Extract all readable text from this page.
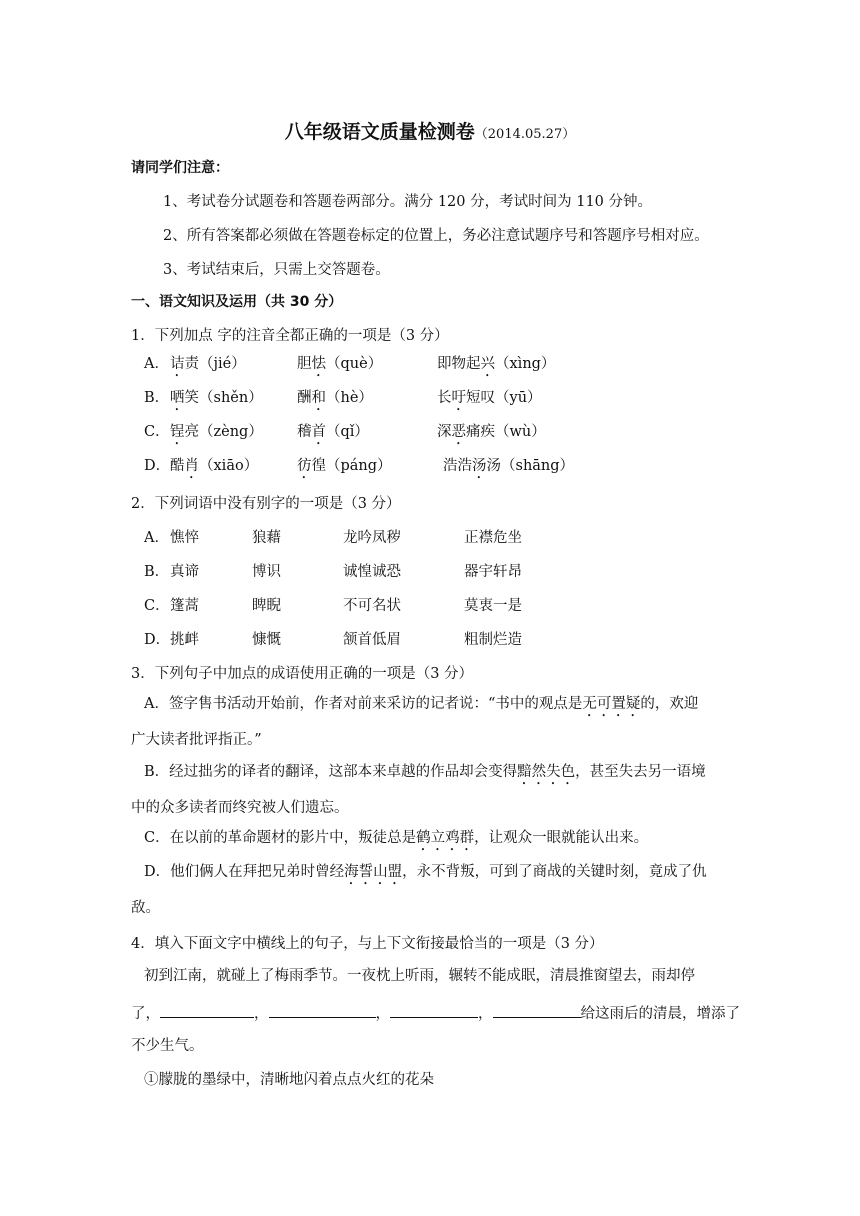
八年级语文质量检测卷（2014.05.27）
请同学们注意：
1、考试卷分试题卷和答题卷两部分。满分 120 分，考试时间为 110 分钟。
2、所有答案都必须做在答题卷标定的位置上，务必注意试题序号和答题序号相对应。
3、考试结束后，只需上交答题卷。
一、语文知识及运用（共 30 分）
1．下列加点 字的注音全都正确的一项是（3 分）
A． 诘责（jié）	胆怯（què）	即物起兴（xìng）
B． 哂笑（shěn） 酬和（hè）	长吁短叹（yū）
C． 锃亮（zèng） 稽首（qǐ）	深恶痛疾（wù）
D． 酷肖（xiāo）	彷徨（páng）	浩浩汤汤（shāng）
2．下列词语中没有别字的一项是（3 分）
A． 憔悴	狼藉	龙吟凤秽	正襟危坐
B． 真谛	博识	诚惶诚恐	器宇轩昂
C． 篷蒿	睥睨	不可名状	莫衷一是
D． 挑衅	慷慨	颔首低眉	粗制烂造
3．下列句子中加点的成语使用正确的一项是（3 分）
A．签字售书活动开始前，作者对前来采访的记者说：“书中的观点是无可置疑的，欢迎
广大读者批评指正。”
B．经过拙劣的译者的翻译，这部本来卓越的作品却会变得黯然失色，甚至失去另一语境
中的众多读者而终究被人们遗忘。
C．在以前的革命题材的影片中，叛徒总是鹤立鸡群，让观众一眼就能认出来。
D．他们俩人在拜把兄弟时曾经海誓山盟，永不背叛，可到了商战的关键时刻，竟成了仇
敌。
4．填入下面文字中横线上的句子，与上下文衔接最恰当的一项是（3 分）
初到江南，就碰上了梅雨季节。一夜枕上听雨，辗转不能成眠，清晨推窗望去，雨却停
了，	，	，	，	给这雨后的清晨，增添了
不少生气。
①朦胧的墨绿中，清晰地闪着点点火红的花朵
